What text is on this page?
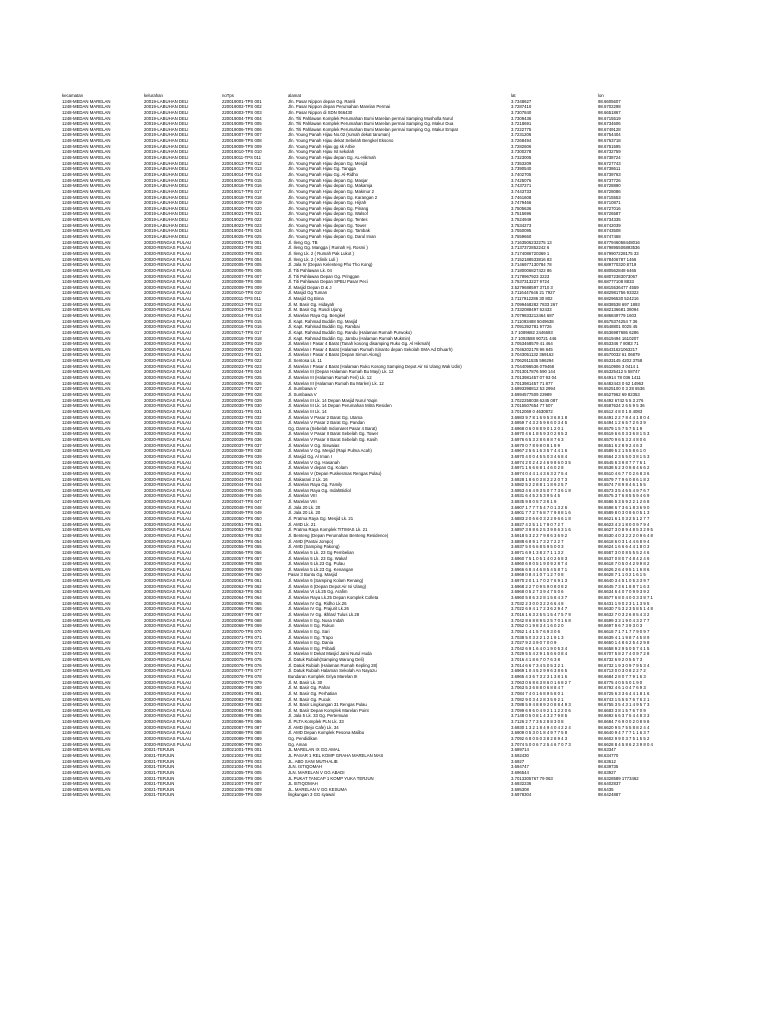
kecamatan	kelurahan	noTps	alamat	lat	lon
1248-MEDAN MARELAN	20019-LABUHAN DELI	220019001-TPS 001	Jln. Pasar Nippon depan Gg. Ramli	3.7348627	98.6605607
1248-MEDAN MARELAN	20019-LABUHAN DELI	220019002-TPS 002	Jln. Pasar Nippon depan Perumahan Marelan Permai	3.7287410	98.6702298
1248-MEDAN MARELAN	20019-LABUHAN DELI	220019003-TPS 003	Jln. Pasar Nippon di SDN 066430	3.7307840	98.6651867
1248-MEDAN MARELAN	20019-LABUHAN DELI	220019004-TPS 004	Jln. Titi Pahlawan Komplek Perumahan Bumi Marelan permai Samping Musholla Nurul	3.7309436	98.6715519
1248-MEDAN MARELAN	20019-LABUHAN DELI	220019005-TPS 005	Jln. Titi Pahlawan Komplek Perumahan Bumi Marelan permai Samping Gg. Makur Dua	3.7218691	98.6734606
1248-MEDAN MARELAN	20019-LABUHAN DELI	220019006-TPS 006	Jln. Titi Pahlawan Komplek Perumahan Bumi Marelan permai Samping Gg. Makur Empat	3.7222775	98.6749128
1248-MEDAN MARELAN	20019-LABUHAN DELI	220019007-TPS 007	Jln. Young Panah Hijau No.02 (rumah dekat taruman)	3.7231206	98.6754404
1248-MEDAN MARELAN	20019-LABUHAN DELI	220019008-TPS 008	Jln. Young Panah Hijau dekat Sebelah Bengkel Eksono	3.7268494	98.6763718
1248-MEDAN MARELAN	20019-LABUHAN DELI	220019009-TPS 009	Jln. Young Panah Hijau gg sk Arbie	3.7282606	98.6751595
1248-MEDAN MARELAN	20019-LABUHAN DELI	220019010-TPS 010	Jln. Young Panah Hijau Ist sekolah	3.7300278	98.6732759
1248-MEDAN MARELAN	20019-LABUHAN DELI	220019011-TPS 011	Jln. Young Panah Hijau depan Gg. AL-Hikmah	3.7323005	98.6738724
1248-MEDAN MARELAN	20019-LABUHAN DELI	220019012-TPS 012	Jln. Young Panah Hijau depan Gg. Mesjid	3.7353209	98.6727743
1248-MEDAN MARELAN	20019-LABUHAN DELI	220019013-TPS 013	Jln. Young Panah Hijau Gg. Tangga	3.7390540	98.6738611
1248-MEDAN MARELAN	20019-LABUHAN DELI	220019014-TPS 014	Jln. Young Panah Hijau Gg. Al-Ridho	3.7402705	98.6739763
1248-MEDAN MARELAN	20019-LABUHAN DELI	220019015-TPS 015	Jln. Young Panah Hijau depan Gg. Masjar	3.7425076	98.6737726
1248-MEDAN MARELAN	20019-LABUHAN DELI	220019016-TPS 016	Jln. Young Panah Hijau depan Gg. Makamja	3.7437271	98.6728890
1248-MEDAN MARELAN	20019-LABUHAN DELI	220019017-TPS 017	Jln. Young Panah Hijau depan Gg. Makmur 2	3.7443733	98.6728086
1248-MEDAN MARELAN	20019-LABUHAN DELI	220019018-TPS 018	Jln. Young Panah Hijau depan Gg. Karangan 2	3.7461608	98.6715553
1248-MEDAN MARELAN	20019-LABUHAN DELI	220019019-TPS 019	Jln. Young Panah Hijau depan Gg. Hijrah	3.7479466	98.6710871
1248-MEDAN MARELAN	20019-LABUHAN DELI	220019020-TPS 020	Jln. Young Panah Hijau depan Gg. Pinang	3.7505636	98.6727016
1248-MEDAN MARELAN	20019-LABUHAN DELI	220019021-TPS 021	Jln. Young Panah Hijau depan Gg. Walsof	3.7515696	98.6726587
1248-MEDAN MARELAN	20019-LABUHAN DELI	220019022-TPS 022	Jln. Young Panah Hijau depan Gg. Tentes	3.7524949	98.6734335
1248-MEDAN MARELAN	20019-LABUHAN DELI	220019023-TPS 023	Jln. Young Panah Hijau depan Gg. Tower	3.7534273	98.6742039
1248-MEDAN MARELAN	20019-LABUHAN DELI	220019024-TPS 024	Jln. Young Panah Hijau depan Gg. Tambak	3.7550095	98.6743508
1248-MEDAN MARELAN	20019-LABUHAN DELI	220019025-TPS 025	Jln. Young Panah Hijau depan Gg. Darul Iman	3.7559660	98.6747468
1248-MEDAN MARELAN	20020-RENGAS PULAU	220020001-TPS 001	Jl. Ileng Gg. TB	3.7163506232275 13	98.677946058448016
1248-MEDAN MARELAN	20020-RENGAS PULAU	220020002-TPS 002	Jl. Ileng Gg. Mangga ( Rumah Hj. Rosmi )	3.7137372852242 6	98.679895506893536
1248-MEDAN MARELAN	20020-RENGAS PULAU	220020003-TPS 003	Jl. Ileng Lk. 2 ( Rumah Pak Lukot )	3.7174086720369 1	98.679907228175 33
1248-MEDAN MARELAN	20020-RENGAS PULAU	220020004-TPS 004	Jl. Ileng Lk. 2 ( Klinik Luli )	3.7152188533816 83	98.678406787 1466
1248-MEDAN MARELAN	20020-RENGAS PULAU	220020005-TPS 005	Jl. Jala IV (Depan Kelenteng Pho Tho Kong)	3.7146977130784 78	98.689770320 8719
1248-MEDAN MARELAN	20020-RENGAS PULAU	220020006-TPS 006	Jl. Titi Pahlawan Lk. 04	3.7180006827422 86	98.680562848 6465
1248-MEDAN MARELAN	20020-RENGAS PULAU	220020007-TPS 007	Jl. Titi Pahlawan Depan Gg. Pringgan	3.7178967923 3223	98.68072383073067
1248-MEDAN MARELAN	20020-RENGAS PULAU	220020008-TPS 008	Jl. Titi Pahlawan Depan SPBU Pasar Peci	3.7537313227 9724	98.68777108 8833
1248-MEDAN MARELAN	20020-RENGAS PULAU	220020009-TPS 009	Jl. Masjid Depan D & J	3.5279688597 3710 3	98.6815536477 4559
1248-MEDAN MARELAN	20020-RENGAS PULAU	220020010-TPS 010	Jl. Masjid Gg Tuman	3.7116447646 21 7927	98.682981756 93322
1248-MEDAN MARELAN	20020-RENGAS PULAU	220020011-TPS 011	Jl. Masjid Gg Bima	3.7117912286 30 802	98.68296530 524216
1248-MEDAN MARELAN	20020-RENGAS PULAU	220020012-TPS 012	Jl. M. Basir Gg. Hidayah	3.7099468282 7833 267	98.6838538 697 1893
1248-MEDAN MARELAN	20020-RENGAS PULAU	220020013-TPS 013	Jl. M. Basir Gg. Rusdi Ujung	3.7332088497 62433	98.682136681 38094
1248-MEDAN MARELAN	20020-RENGAS PULAU	220020014-TPS 014	Jl. Marelan Raya Gg. Bengkel	3.7079833212464 687	98.686849779 1603
1248-MEDAN MARELAN	20020-RENGAS PULAU	220020015-TPS 015	Jl. Kapt. Rahmad Buddin Gg. Masjid	3.711093488 5049638	98.6575374254 7 36
1248-MEDAN MARELAN	20020-RENGAS PULAU	220020016-TPS 016	Jl. Kapt. Rahmad Buddin Gg. Rambai	3.7091392781 97726	98.6548801 0025 45
1248-MEDAN MARELAN	20020-RENGAS PULAU	220020017-TPS 017	Jl. Kapt. Rahmad Buddin Gg. Randu (Halaman Rumah Purwoko)	3.7 1089682 2446693	98.6536987686 6286
1248-MEDAN MARELAN	20020-RENGAS PULAU	220020018-TPS 018	Jl. Kapt. Rahmad Buddin Gg. Jambu (Halaman Rumah Mukmin)	3.7 1093588 90721 446	98.6519494 1610207
1248-MEDAN MARELAN	20020-RENGAS PULAU	220020019-TPS 019	Jl. Marelan I Pasar 4 Barat (Tanah kosong disamping Ruko Gg. Al Hikmah)	3.7053468579 41 464	98.653346 7 8083 71
1248-MEDAN MARELAN	20020-RENGAS PULAU	220020020-TPS 020	Jl. Marelan I Pasar 4 Barat (Halaman Rumah Sinanto depan Sekolah SMA Ad Dhuarh)	3.7046202178 96 845	98.65431621063217
1248-MEDAN MARELAN	20020-RENGAS PULAU	220020021-TPS 021	Jl. Marelan I Pasar 4 Barat (Depan Simon Along)	3.7043051132 369162	98.6570032 61 06879
1248-MEDAN MARELAN	20020-RENGAS PULAU	220020022-TPS 022	Jl. Sentosa Lk. 11	3.7062911535 596294	98.6533145 4202 3758
1248-MEDAN MARELAN	20020-RENGAS PULAU	220020023-TPS 023	Jl. Marelan I Pasar 4 Barat (Halaman Ruko Kosong Samping Depot Air Isi Ulang Wak Udin)	3.7044096536 079468	98.6510906 3 0414 1
1248-MEDAN MARELAN	20020-RENGAS PULAU	220020024-TPS 024	Jl. Marelan III (Depan Halaman Rumah Bu Mayi) Lk. 12	3.7013017876 590 144	98.65325412 5 58747
1248-MEDAN MARELAN	20020-RENGAS PULAU	220020025-TPS 025	Jl. Marelan III (Halaman Rumah Feri) Lk. 12	3.7013981457 07 93 04	98.64914 78 036 1411
1248-MEDAN MARELAN	20020-RENGAS PULAU	220020026-TPS 026	Jl. Marelan III (Halaman Rumah Bu Marlen) Lk. 12	3.7013981457 71 877	98.6482443 0 62 14963
1248-MEDAN MARELAN	20020-RENGAS PULAU	220020027-TPS 027	Jl. Sumbawa V	3.6993398812 53 2994	98.6525100 0 3 28 6536
1248-MEDAN MARELAN	20020-RENGAS PULAU	220020028-TPS 028	Jl. Sumbawa V	3.6994577509 23989	98.6527962 69 82353
1248-MEDAN MARELAN	20020-RENGAS PULAU	220020029-TPS 029	Jl. Marelan III Lk. 14 Depan Masjid Nurul Yaqin	3.7022258038 6245 087	98.6492 6742 5 5 3 276
1248-MEDAN MARELAN	20020-RENGAS PULAU	220020030-TPS 030	Jl. Marelan III Lk. 14 Depan Perumahan Mitra Residen	3.7015507654 77 507	98.6587624 2 6 5 9 5 36
1248-MEDAN MARELAN	20020-RENGAS PULAU	220020031-TPS 031	Jl. Marelan III Lk. 14	3.7012069 0 4630872	98.6512 4 8 0 1 8 4083
1248-MEDAN MARELAN	20020-RENGAS PULAU	220020032-TPS 032	Jl. Marelan V Pasar 2 Barat Gg. Utama	3.6983 9 7 8 1 6 9 5 3 6 8 1 8	98.6491 2 2 7 8 4 4 1 8 0 4
1248-MEDAN MARELAN	20020-RENGAS PULAU	220020033-TPS 033	Jl. Marelan V Pasar 2 Barat Gg. Pandan	3.6959 7 4 3 2 5 9 6 6 0 3 4 5	98.6494 1 2 6 5 7 2 6 3 9
1248-MEDAN MARELAN	20020-RENGAS PULAU	220020034-TPS 034	Gg. Darma (Sebelah Indomaret Pasar 4 Barat)	3.6968 0 6 0 8 8 9 0 1 2 0 1	98.6579 1 5 7 5 7 5 1 9
1248-MEDAN MARELAN	20020-RENGAS PULAU	220020035-TPS 035	Jl. Marelan V Pasar II Barat Sebelah Gg. Tower	3.6970 4 6 1 8 5 9 3 0 2 8 5 3	98.6519 6 6 0 3 3 6 8 1 5 3
1248-MEDAN MARELAN	20020-RENGAS PULAU	220020036-TPS 036	Jl. Marelan V Pasar II Barat Sebelah Gg. Kasih	3.6976 6 5 3 2 8 6 8 8 7 6 3	98.6570 9 6 5 3 2 4 8 0 6
1248-MEDAN MARELAN	20020-RENGAS PULAU	220020037-TPS 037	Jl. Marelan V Gg. Siswaias	3.6970 0 7 8 9 8 0 8 1 8 9	98.6551 6 2 8 9 2 4 6 3
1248-MEDAN MARELAN	20020-RENGAS PULAU	220020038-TPS 038	Jl. Marelan V Gg. Mesjid (Rapi Pulma Acah)	3.6967 2 5 6 1 6 3 5 7 4 4 1 6	98.6589 5 2 1 5 5 8 6 1 0
1248-MEDAN MARELAN	20020-RENGAS PULAU	220020039-TPS 039	Jl. Masjid Gg. Al Iman I	3.6970 4 0 0 4 5 5 0 3 4 6 8 4	98.6564 2 3 5 5 0 3 8 1 5 3
1248-MEDAN MARELAN	20020-RENGAS PULAU	220020040-TPS 040	Jl. Marelan V Gg. Hasanah	3.6974 2 0 2 4 2 4 6 9 8 6 0 3 5	98.6545 6 3 9 8 7 7 7 6 1
1248-MEDAN MARELAN	20020-RENGAS PULAU	220020041-TPS 041	Jl. Marelan V depan Gg. Kolam	3.6971 1 6 6 6 8 1 4 6 0 2 8	98.6538 6 2 3 0 8 8 4 6 6 2
1248-MEDAN MARELAN	20020-RENGAS PULAU	220020042-TPS 042	Jl. Marelan V (Depan Puskesmas Rengas Pulau)	3.6974 0 4 4 1 4 3 6 3 2 7 5 4	98.6510 4 6 7 7 0 2 6 8 3 6
1248-MEDAN MARELAN	20020-RENGAS PULAU	220020043-TPS 043	Jl. Makarani 2 Lk. 16	3.6928 1 8 6 0 3 8 2 2 2 0 7 3	98.6579 7 7 9 6 0 8 6 1 8 2
1248-MEDAN MARELAN	20020-RENGAS PULAU	220020044-TPS 044	Jl. Marelan Raya Gg. Family	3.6982 5 2 2 8 8 1 1 8 9 2 5 7	98.6574 7 8 9 8 4 6 1 5 5
1248-MEDAN MARELAN	20020-RENGAS PULAU	220020045-TPS 045	Jl. Marelan Raya Gg. IndahBidiol	3.6953 4 6 4 9 3 5 0 7 7 3 6 1 8	98.6573 3 5 4 6 5 4 9 7 6 7
1248-MEDAN MARELAN	20020-RENGAS PULAU	220020046-TPS 046	Jl. Marelan VIII	3.6931 6 4 5 2 5 3 9 5 4 5	98.6575 3 7 6 8 5 5 9 4 6 9
1248-MEDAN MARELAN	20020-RENGAS PULAU	220020047-TPS 047	Jl. Marelan VIII	3.6935 9 8 0 5 7 3 6 1 9	98.6586 5 3 5 9 2 2 1 2 6 8
1248-MEDAN MARELAN	20020-RENGAS PULAU	220020048-TPS 048	Jl. Jala 20 Lk. 20	3.6907 1 7 7 7 5 4 7 0 1 3 2 6	98.6598 6 7 3 6 1 8 3 6 9 0
1248-MEDAN MARELAN	20020-RENGAS PULAU	220020049-TPS 049	Jl. Jala 20 Lk. 20	3.6901 7 7 2 7 6 8 7 7 9 8 8 1 6	98.6589 8 0 3 0 8 6 0 5 1 3
1248-MEDAN MARELAN	20020-RENGAS PULAU	220020050-TPS 050	Jl. Pratma Raya Gg. Mesjid Lk. 21	3.6883 2 0 6 6 0 3 2 2 9 6 6 1 8	98.6621 6 1 0 3 2 5 1 2 7 7
1248-MEDAN MARELAN	20020-RENGAS PULAU	220020051-TPS 051	Jl. AMD Lk. 21	3.6927 4 2 5 1 1 7 9 0 7 2 7	98.6623 4 3 1 8 0 0 9 7 9 4
1248-MEDAN MARELAN	20020-RENGAS PULAU	220020052-TPS 052	Jl. Pratma Raya Komplek TITIMAS Lk. 21	3.6897 3 9 8 6 2 5 3 9 8 6 3 1 6	98.6627 3 0 8 9 4 8 5 3 2 9 5
1248-MEDAN MARELAN	20020-RENGAS PULAU	220020053-TPS 053	Jl. Benteng (Depan Perumahan Benteng Residence)	3.6918 5 3 2 2 7 9 8 6 3 6 9 2	98.6530 4 0 3 2 2 2 0 9 6 4 8
1248-MEDAN MARELAN	20020-RENGAS PULAU	220020054-TPS 054	Jl. AMD (Pantai Jompo)	3.6888 6 8 9 1 7 3 2 7 2 2 7	98.6618 6 0 3 1 4 4 6 8 9 4
1248-MEDAN MARELAN	20020-RENGAS PULAU	220020055-TPS 055	Jl. AMD (Samping Pakong)	3.6937 5 0 6 6 8 5 9 5 0 0 3	98.6624 1 6 6 6 4 4 1 8 0 3
1248-MEDAN MARELAN	20020-RENGAS PULAU	220020056-TPS 056	Jl. Marelan 5 Lk. 23 Gg Pembelian	3.6971 6 9 1 3 8 2 7 1 1 3 2	98.6587 3 0 0 8 5 5 5 2 4 6
1248-MEDAN MARELAN	20020-RENGAS PULAU	220020057-TPS 057	Jl. Marelan 5 Lk. 23 Gg. Wakaf	3.6960 7 5 1 0 5 1 4 0 2 6 8 3	98.6537 0 8 0 7 4 8 4 2 4 6
1248-MEDAN MARELAN	20020-RENGAS PULAU	220020058-TPS 058	Jl. Marelan 5 Lk.23 Gg. Pulau	3.6960 6 8 0 5 1 9 0 9 2 8 7 4	98.6618 7 0 5 0 4 2 9 9 8 2
1248-MEDAN MARELAN	20020-RENGAS PULAU	220020059-TPS 059	Jl. Marelan 5 Lk.23 Gg. Kenangan	3.6966 6 8 4 4 6 8 5 4 5 8 7 1	98.6626 2 6 4 9 5 1 1 6 8 6
1248-MEDAN MARELAN	20020-RENGAS PULAU	220020060-TPS 060	Pasar 3 Buntu Gg. Masjid	3.6968 0 8 4 1 0 7 1 2 7 0 8	98.6628 7 1 1 0 2 1 6 1 5
1248-MEDAN MARELAN	20020-RENGAS PULAU	220020061-TPS 061	Jl. Marelan 6 (Samping Kolam Renang)	3.6970 2 0 1 1 7 0 2 7 6 9 1 3	98.6640 3 4 5 1 0 5 3 3 9 7
1248-MEDAN MARELAN	20020-RENGAS PULAU	220020062-TPS 062	Jl. Marelan 6 (Depan Depot Air Isi Ulang)	3.6968 2 2 7 0 9 5 9 0 8 0 8 2	98.6645 7 3 6 1 8 8 7 1 6 3
1248-MEDAN MARELAN	20020-RENGAS PULAU	220020063-TPS 063	Jl. Marelan VI Lk.25 Gg. Arafim	3.6968 0 5 2 7 3 9 4 7 5 0 6	98.6634 6 4 0 7 0 9 9 3 9 2
1248-MEDAN MARELAN	20020-RENGAS PULAU	220020064-TPS 064	Jl. Marelan Raya Lk.25 Depan Komplek Colleta	3.6960 5 8 6 3 2 8 1 5 8 4 3 7	98.6577 6 8 0 4 0 0 3 3 8 7 1
1248-MEDAN MARELAN	20020-RENGAS PULAU	220020065-TPS 065	Jl. Marelan IV Gg. Ridho Lk.26	3.7032 2 3 0 0 3 2 2 6 6 4 8	98.6431 1 9 0 2 3 1 1 3 9 5
1248-MEDAN MARELAN	20020-RENGAS PULAU	220020066-TPS 066	Jl. Marelan IV Gg. Prajurit Lk.26	3.7022 6 9 4 1 7 2 3 6 2 9 4 7	98.6630 7 5 3 2 3 5 8 5 1 4 8
1248-MEDAN MARELAN	20020-RENGAS PULAU	220020067-TPS 067	Jl. Marelan IV Gg. Ikhlas/ Tulus Lk.28	3.7016 1 6 3 2 5 5 1 5 4 7 5 7 9	98.6632 7 0 3 2 6 8 5 4 3 2
1248-MEDAN MARELAN	20020-RENGAS PULAU	220020068-TPS 068	Jl. Marelan II Gg. Nusa Indah	3.7042 8 6 8 8 9 5 2 5 7 0 1 6 8	98.6599 3 3 1 9 0 4 3 2 7 7
1248-MEDAN MARELAN	20020-RENGAS PULAU	220020069-TPS 069	Jl. Marelan II Gg. Rukun	3.7052 0 1 9 8 3 4 1 6 0 2 0	98.6697 9 6 7 3 9 3 0 3
1248-MEDAN MARELAN	20020-RENGAS PULAU	220020070-TPS 070	Jl. Marelan II Gg. Sari	3.7052 1 4 1 5 7 6 9 3 0 6	98.6618 7 1 7 1 7 7 9 0 9 7
1248-MEDAN MARELAN	20020-RENGAS PULAU	220020071-TPS 071	Jl. Marelan II Gg. Trapo	3.7038 5 0 3 2 2 1 2 1 9 1 3	98.6639 4 1 1 9 8 7 4 5 8 9
1248-MEDAN MARELAN	20020-RENGAS PULAU	220020072-TPS 072	Jl. Marelan II Gg. Dania	3.7027 9 2 3 9 0 7 0 0 9	98.6650 1 4 8 6 2 5 4 2 9 8
1248-MEDAN MARELAN	20020-RENGAS PULAU	220020073-TPS 073	Jl. Marelan II Gg. Pribadi	3.7042 6 9 1 6 4 0 1 9 0 5 3 4	98.6658 9 2 9 5 0 5 7 4 1 5
1248-MEDAN MARELAN	20020-RENGAS PULAU	220020074-TPS 074	Jl. Marelan II Dekat Masjid Jami Nurul Huda	3.7029 5 5 4 2 9 1 5 6 6 0 8 4	98.6707 5 8 2 7 4 0 9 7 2 8
1248-MEDAN MARELAN	20020-RENGAS PULAU	220020075-TPS 075	Jl. Datuk Rubiah(Samping Warung Deli)	3.7016 4 1 8 6 7 0 7 6 3 8	98.6732 6 9 2 0 5 5 7 3
1248-MEDAN MARELAN	20020-RENGAS PULAU	220020076-TPS 076	Jl. Datuk Rubiah (Halaman Rumah Kepling 28)	3.7014 6 6 7 3 4 5 0 5 3 2 1	98.6732 1 9 3 0 9 7 9 5 3 4
1248-MEDAN MARELAN	20020-RENGAS PULAU	220020077-TPS 077	Jl. Datuk Rubiah Halaman Sekolah An Nayazu	3.6969 1 0 4 5 2 9 9 6 3 8 6 5	98.6713 0 0 3 0 8 2 2 7 2
1248-MEDAN MARELAN	20020-RENGAS PULAU	220020078-TPS 078	Bundaran Komplek Griya Marelan III	3.6965 4 3 6 7 3 2 3 1 3 8 1 6	98.6684 2 8 0 7 7 9 1 6 3
1248-MEDAN MARELAN	20020-RENGAS PULAU	220020079-TPS 079	Jl. M. Basir Lk. 30	3.7063 0 6 8 6 3 8 6 0 1 6 8 2 7	98.6775 4 0 5 5 0 1 9 0
1248-MEDAN MARELAN	20020-RENGAS PULAU	220020080-TPS 080	Jl. M. Basir Gg. Pahar	3.7063 5 3 6 8 8 0 6 8 8 4 7	98.6792 4 6 1 0 4 7 6 9 3
1248-MEDAN MARELAN	20020-RENGAS PULAU	220020081-TPS 081	Jl. M. Basir Gg. Perhatian	3.7084 7 4 0 1 6 8 9 5 8 0 1	98.6725 6 3 3 6 4 4 1 8 1 6
1248-MEDAN MARELAN	20020-RENGAS PULAU	220020082-TPS 082	Jl. M. Basir Gg. Pucuk	3.7082 9 0 3 4 2 8 3 5 9 2 1	98.6743 1 5 5 5 7 6 7 6 2 1
1248-MEDAN MARELAN	20020-RENGAS PULAU	220020083-TPS 083	Jl. M. Basir Lingkungan 31 Rengas Pulau	3.7088 5 9 4 8 8 9 2 0 8 8 4 9 3	98.6755 3 5 4 3 1 4 9 5 7 3
1248-MEDAN MARELAN	20020-RENGAS PULAU	220020084-TPS 084	Jl. M. Basir Depan Komplek Marelan Point	3.7099 6 9 6 0 4 9 2 1 1 2 2 0 6	98.6683 3 8 1 5 7 6 7 0 9
1248-MEDAN MARELAN	20020-RENGAS PULAU	220020085-TPS 085	Jl. Jala 5 Lk. 33 Gg. Pertemuan	3.7148 0 5 0 8 1 4 3 2 7 9 8 5	98.6692 6 6 3 7 5 4 4 8 3 3
1248-MEDAN MARELAN	20020-RENGAS PULAU	220020086-TPS 086	Jl. PLTA Komplek PLN Lk. 33	3.7126 2 7 7 3 5 2 8 8 3 0 8	98.6684 7 6 9 0 0 2 0 8 9 8
1248-MEDAN MARELAN	20020-RENGAS PULAU	220020087-TPS 087	Jl. AMD (Bejo Cafe) Lk. 34	3.6930 1 3 2 1 8 4 9 4 0 4 2 2 4	98.6620 9 5 7 5 5 8 8 2 4 4
1248-MEDAN MARELAN	20020-RENGAS PULAU	220020088-TPS 088	Jl. AMD Depan Komplek Pesona Malibu	3.6909 0 5 3 0 1 8 4 9 7 7 5 8	98.6640 9 4 7 7 7 1 1 6 3 7
1248-MEDAN MARELAN	20020-RENGAS PULAU	220020089-TPS 089	Gg. Pendidikan	3.7092 6 8 0 5 0 3 8 2 8 9 4 3	98.6602 9 9 0 3 7 5 1 5 5 2
1248-MEDAN MARELAN	20020-RENGAS PULAU	220020090-TPS 090	Gg. Aman	3.7074 5 0 0 6 7 2 5 4 6 7 0 7 3	98.6628 8 4 5 8 6 2 3 9 8 0 4
1248-MEDAN MARELAN	20021-TERJUN	220021001-TPS 001	JL MARELAN IX GG AMAL	3.689714	98.63347
1248-MEDAN MARELAN	20021-TERJUN	220021002-TPS 002	JL PASAR 1 REL KOMP GRAHA MARELAN MAS	3.692430	98.634770
1248-MEDAN MARELAN	20021-TERJUN	220021003-TPS 003	JL. ABD SANI MUTHALIB	3.6927	98.63612
1248-MEDAN MARELAN	20021-TERJUN	220021004-TPS 004	JLN. ISTIQOMAH	3.694747	98.639735
1248-MEDAN MARELAN	20021-TERJUN	220021005-TPS 005	JLN. MARELAN V GG ABADI	3.696544	98.63927
1248-MEDAN MARELAN	20021-TERJUN	220021006-TPS 006	JL PUKAT TANCAP 1 KOMP YUKA TERJUN	3.7013305767 79 063	98.6328589 1773462
1248-MEDAN MARELAN	20021-TERJUN	220021007-TPS 007	JL ISTIQOMAH	3.6932236	98.6402837
1248-MEDAN MARELAN	20021-TERJUN	220021008-TPS 008	JL. MARELAN V GG KESUMA	3.695308	98.6435
1248-MEDAN MARELAN	20021-TERJUN	220021009-TPS 009	lingkungan 3 GG syawal	3.6978304	98.6424887
